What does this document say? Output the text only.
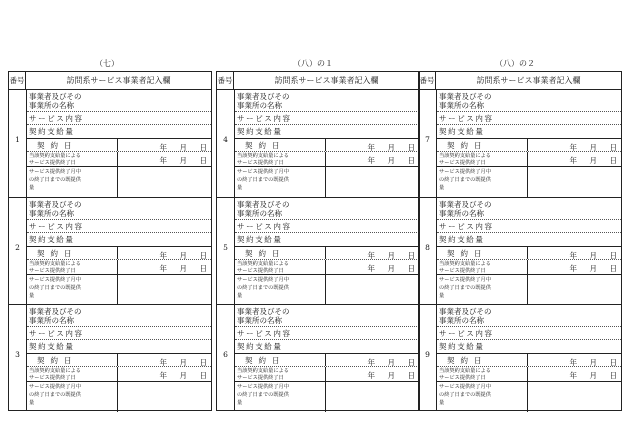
（七）
番号	訪問系サービス事業者記入欄
1
事業者及びその
事業所の名称
サービス内容
契約支給量
契約日	年	月	日
当該契約支給量による
サービス提供終了日	年	月	日
サービス提供終了月中
の終了日までの既提供
量
2
事業者及びその
事業所の名称
サービス内容
契約支給量
契約日	年	月	日
当該契約支給量による
サービス提供終了日	年	月	日
サービス提供終了月中
の終了日までの既提供
量
3
事業者及びその
事業所の名称
サービス内容
契約支給量
契約日	年	月	日
当該契約支給量による
サービス提供終了日	年	月	日
サービス提供終了月中
の終了日までの既提供
量
（八）の１
番号	訪問系サービス事業者記入欄
4
事業者及びその
事業所の名称
サービス内容
契約支給量
契約日	年	月	日
当該契約支給量による
サービス提供終了日	年	月	日
サービス提供終了月中
の終了日までの既提供
量
5
事業者及びその
事業所の名称
サービス内容
契約支給量
契約日	年	月	日
当該契約支給量による
サービス提供終了日	年	月	日
サービス提供終了月中
の終了日までの既提供
量
6
事業者及びその
事業所の名称
サービス内容
契約支給量
契約日	年	月	日
当該契約支給量による
サービス提供終了日	年	月	日
サービス提供終了月中
の終了日までの既提供
量
（八）の２
番号	訪問系サービス事業者記入欄
7
事業者及びその
事業所の名称
サービス内容
契約支給量
契約日	年	月	日
当該契約支給量による
サービス提供終了日	年	月	日
サービス提供終了月中
の終了日までの既提供
量
8
事業者及びその
事業所の名称
サービス内容
契約支給量
契約日	年	月	日
当該契約支給量による
サービス提供終了日	年	月	日
サービス提供終了月中
の終了日までの既提供
量
9
事業者及びその
事業所の名称
サービス内容
契約支給量
契約日	年	月	日
当該契約支給量による
サービス提供終了日	年	月	日
サービス提供終了月中
の終了日までの既提供
量
